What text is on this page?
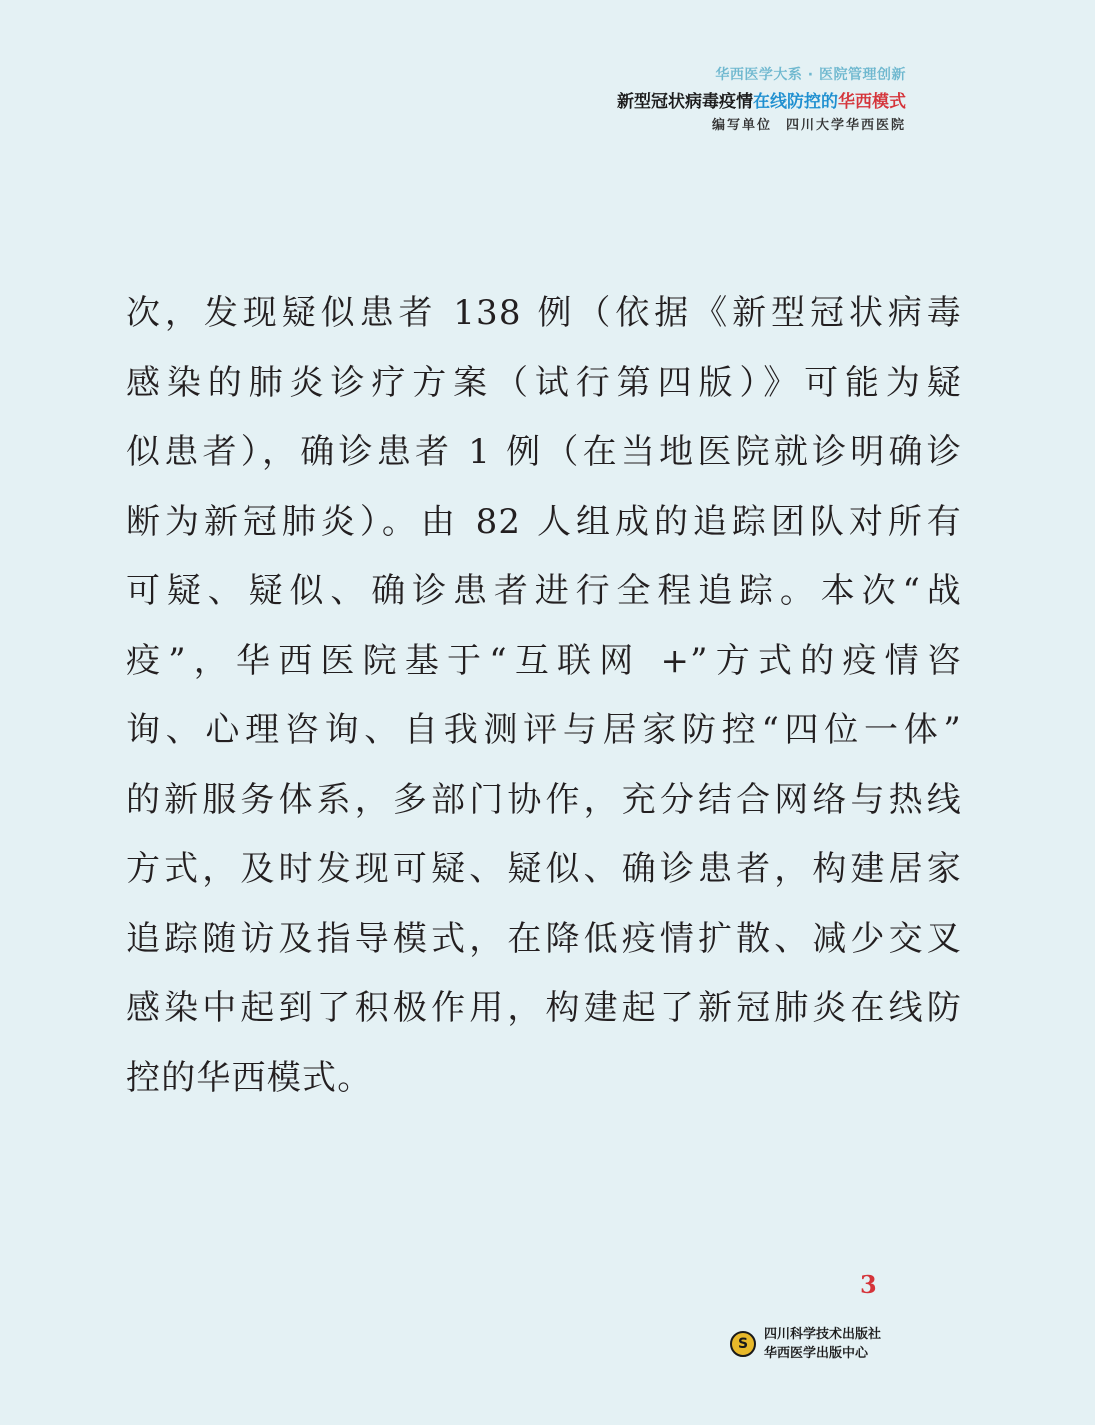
华西医学大系 · 医院管理创新
新型冠状病毒疫情在线防控的华西模式
编写单位 四川大学华西医院
次，发现疑似患者 138 例（依据《新型冠状病毒
感染的肺炎诊疗方案（试行第四版）》可能为疑
似患者），确诊患者 1 例（在当地医院就诊明确诊
断为新冠肺炎）。由 82 人组成的追踪团队对所有
可疑、疑似、确诊患者进行全程追踪。本次“战
疫”，华西医院基于“互联网 +”方式的疫情咨
询、心理咨询、自我测评与居家防控“四位一体”
的新服务体系，多部门协作，充分结合网络与热线
方式，及时发现可疑、疑似、确诊患者，构建居家
追踪随访及指导模式，在降低疫情扩散、减少交叉
感染中起到了积极作用，构建起了新冠肺炎在线防
控的华西模式。
3
S
四川科学技术出版社
华西医学出版中心
